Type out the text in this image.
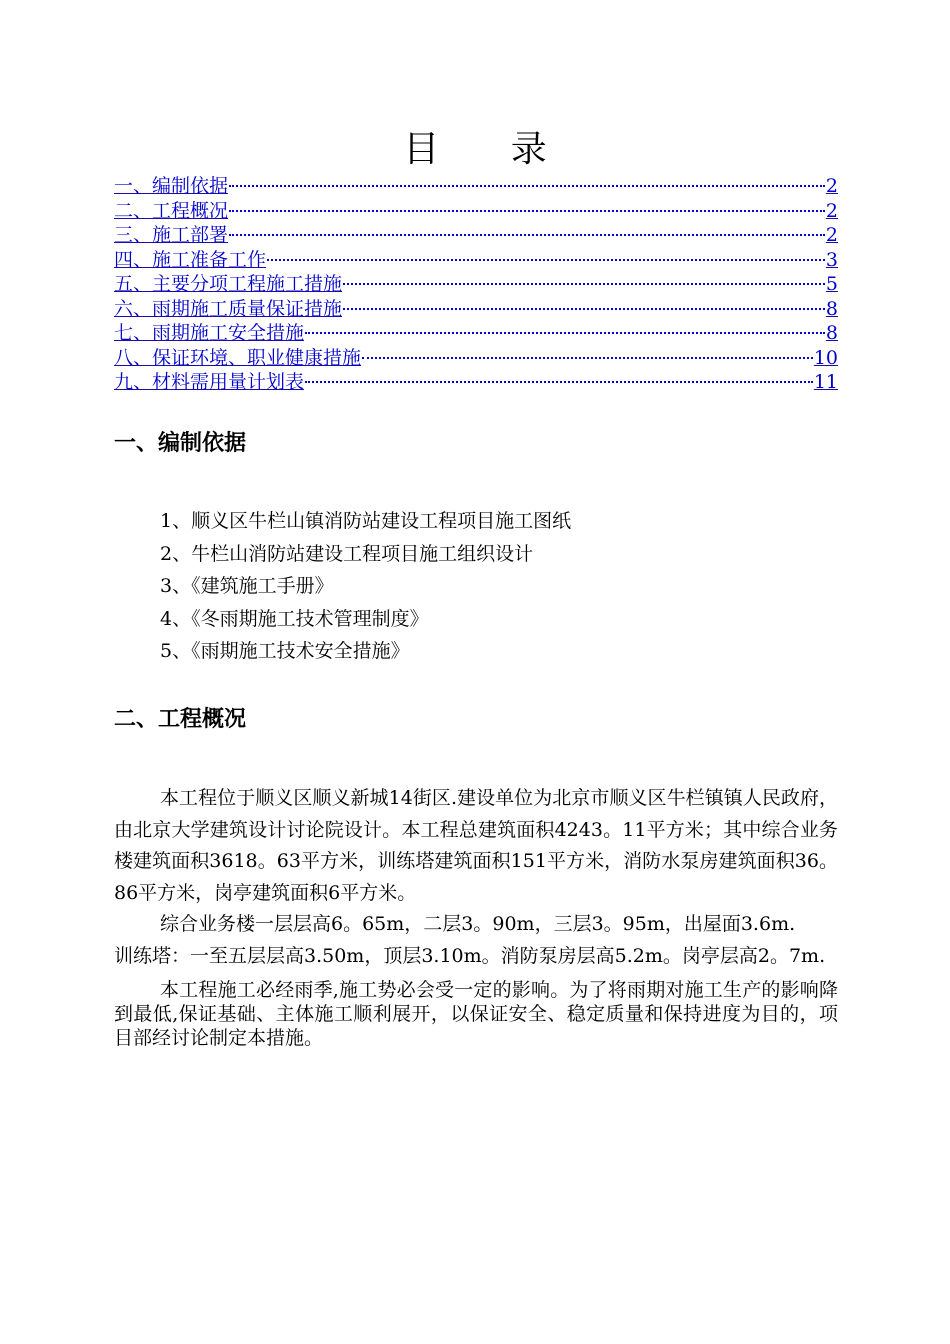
目 录
一、编制依据	2
二、工程概况	2
三、施工部署	2
四、施工准备工作	3
五、主要分项工程施工措施	5
六、雨期施工质量保证措施	8
七、雨期施工安全措施	8
八、保证环境、职业健康措施	10
九、材料需用量计划表	11
一、编制依据
1、顺义区牛栏山镇消防站建设工程项目施工图纸
2、牛栏山消防站建设工程项目施工组织设计
3、《建筑施工手册》
4、《冬雨期施工技术管理制度》
5、《雨期施工技术安全措施》
二、工程概况

本工程位于顺义区顺义新城14街区.建设单位为北京市顺义区牛栏镇镇人民政府，由北京大学建筑设计讨论院设计。本工程总建筑面积4243。11平方米；其中综合业务楼建筑面积3618。63平方米，训练塔建筑面积151平方米，消防水泵房建筑面积36。86平方米，岗亭建筑面积6平方米。

综合业务楼一层层高6。65m，二层3。90m，三层3。95m，出屋面3.6m.

训练塔：一至五层层高3.50m，顶层3.10m。消防泵房层高5.2m。岗亭层高2。7m.

本工程施工必经雨季,施工势必会受一定的影响。为了将雨期对施工生产的影响降到最低,保证基础、主体施工顺利展开，以保证安全、稳定质量和保持进度为目的，项目部经讨论制定本措施。
